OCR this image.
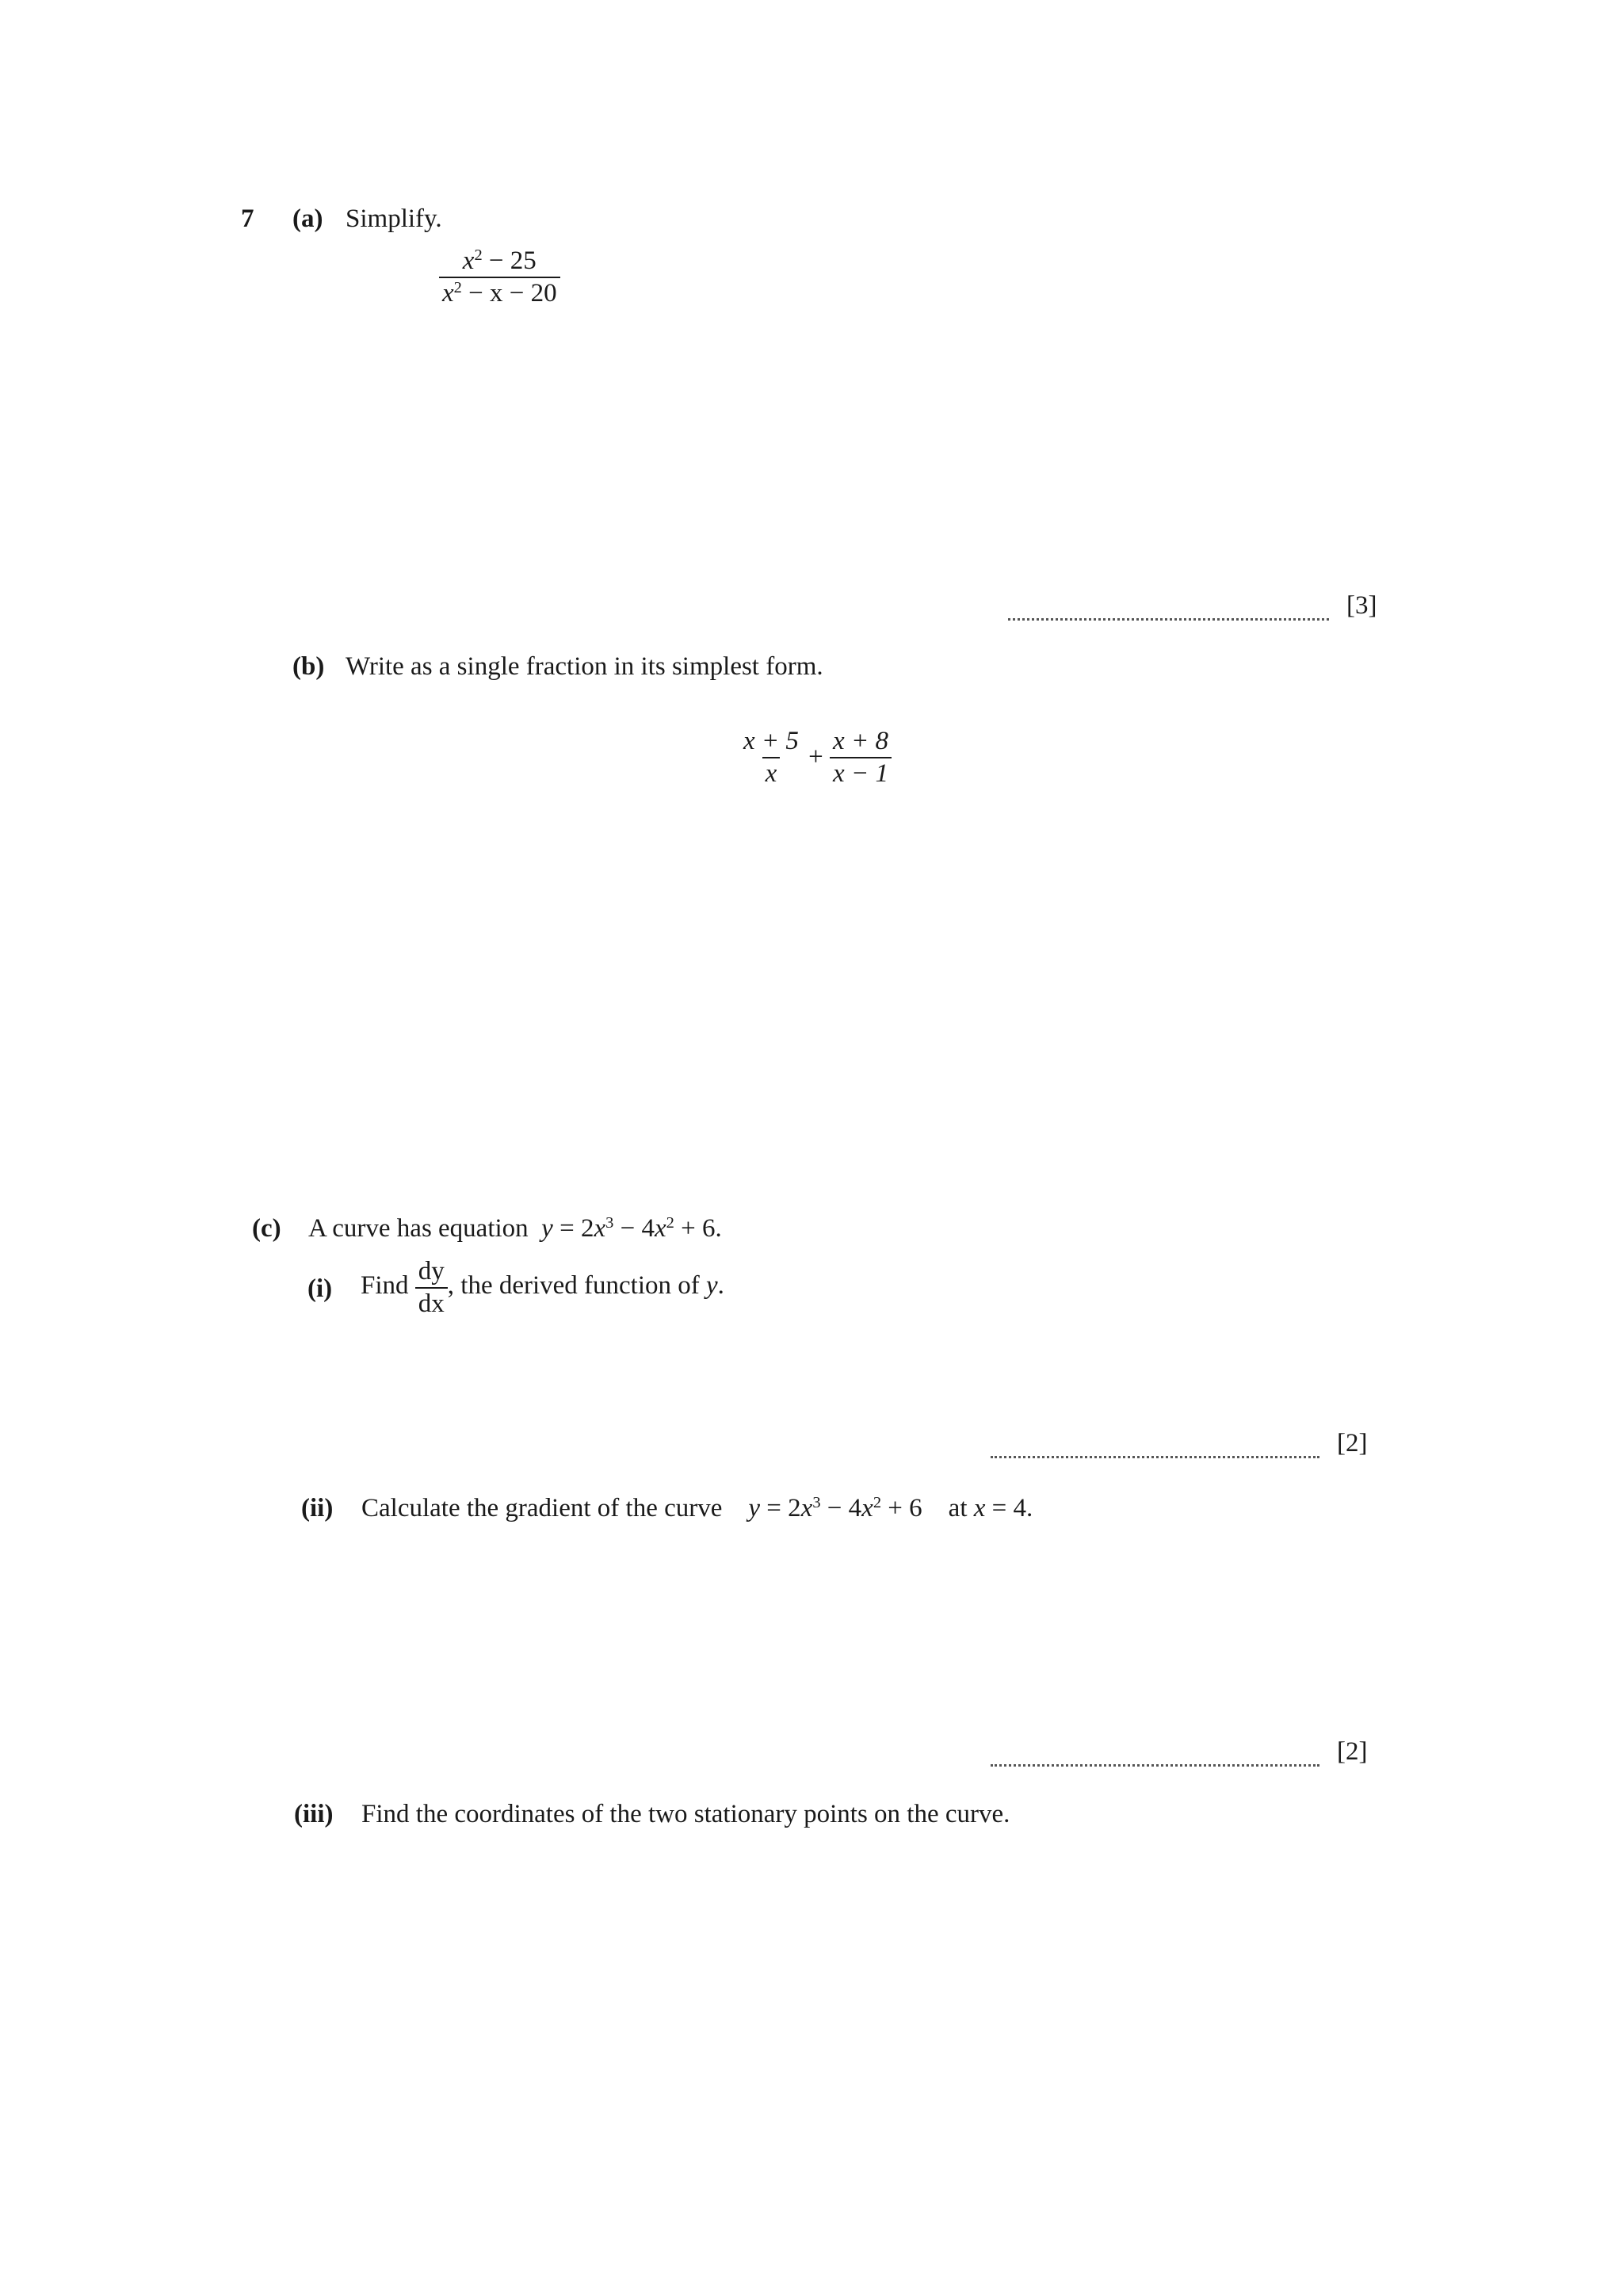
7 (a) Simplify.
$\frac{x^2 - 25}{x^2 - x - 20}$
[3]
(b) Write as a single fraction in its simplest form.
$\frac{x + 5}{x} + \frac{x + 8}{x - 1}$
(c) A curve has equation $y = 2x^3 - 4x^2 + 6$.
(i) Find $\frac{dy}{dx}$ , the derived function of y.
[2]
(ii) Calculate the gradient of the curve $y = 2x^3 - 4x^2 + 6$ at x = 4.
[2]
(iii) Find the coordinates of the two stationary points on the curve.
